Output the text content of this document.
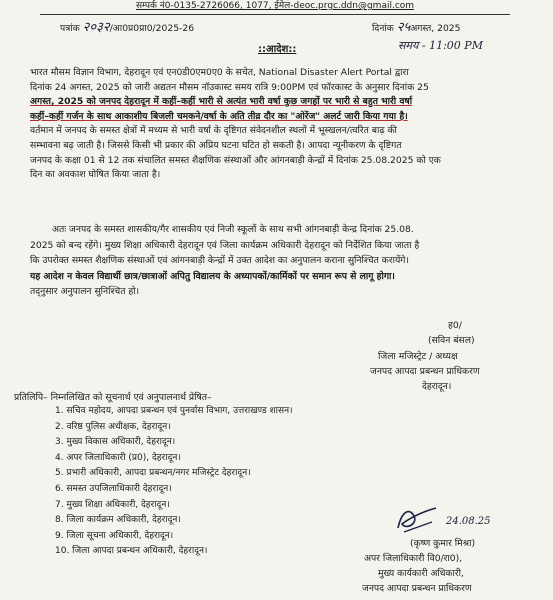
सम्पर्क नं0-0135-2726066, 1077, ईमेल-deoc.prgc.ddn@gmail.com
पत्रांक २०३२/आ0प्र0प्रा0/2025-26	दिनांक २५अगस्त, 2025
समय - 11:00 PM
::आदेश::
भारत मौसम विज्ञान विभाग, देहरादून एवं एन0डी0एम0ए0 के सचेत, National Disaster Alert Portal द्वारा
दिनांक 24 अगस्त, 2025 को जारी अद्यतन मौसम नॉउकास्ट समय रात्रि 9:00PM एवं फॉरकास्ट के अनुसार दिनांक 25
अगस्त, 2025 को जनपद देहरादून में कहीं–कहीं भारी से अत्यंत भारी वर्षा कुछ जगहों पर भारी से बहुत भारी वर्षा
कहीं–कहीं गर्जन के साथ आकाशीय बिजली चमकने/वर्षा के अति तीव्र दौर का "ओरेंज" अलर्ट जारी किया गया है।
वर्तमान में जनपद के समस्त क्षेत्रों में मध्यम से भारी वर्षा के दृष्टिगत संवेदनशील स्थलों में भूस्खलन/त्वरित बाढ़ की
सम्भावना बढ़ जाती है। जिससे किसी भी प्रकार की अप्रिय घटना घटित हो सकती है। आपदा न्यूनीकरण के दृष्टिगत
जनपद के कक्षा 01 से 12 तक संचालित समस्त शैक्षणिक संस्थाओं और आंगनबाड़ी केन्द्रों में दिनांक 25.08.2025 को एक
दिन का अवकाश घोषित किया जाता है।
अतः जनपद के समस्त शासकीय/गैर शासकीय एवं निजी स्कूलों के साथ सभी आंगनबाड़ी केन्द्र दिनांक 25.08.
2025 को बन्द रहेंगे। मुख्य शिक्षा अधिकारी देहरादून एवं जिला कार्यक्रम अधिकारी देहरादून को निर्देशित किया जाता है
कि उपरोक्त समस्त शैक्षणिक संस्थाओं एवं आंगनबाड़ी केन्द्रों में उक्त आदेश का अनुपालन कराना सुनिश्चित करायेंगे।
यह आदेश न केवल विद्यार्थी छात्र/छात्राओं अपितु विद्यालय के अध्यापकों/कार्मिकों पर समान रूप से लागू होगा।
तद्नुसार अनुपालन सुनिश्चित हो।
ह0/
(सविन बंसल)
जिला मजिस्ट्रेट / अध्यक्ष
जनपद आपदा प्रबन्धन प्राधिकरण
देहरादून।
प्रतिलिपि– निम्नलिखित को सूचनार्थ एवं अनुपालनार्थ प्रेषित–
1. सचिव महोदय, आपदा प्रबन्धन एवं पुनर्वास विभाग, उत्तराखण्ड शासन।
2. वरिष्ठ पुलिस अधीक्षक, देहरादून।
3. मुख्य विकास अधिकारी, देहरादून।
4. अपर जिलाधिकारी (प्र0), देहरादून।
5. प्रभारी अधिकारी, आपदा प्रबन्धन/नगर मजिस्ट्रेट देहरादून।
6. समस्त उपजिलाधिकारी देहरादून।
7. मुख्य शिक्षा अधिकारी, देहरादून।
8. जिला कार्यक्रम अधिकारी, देहरादून।
9. जिला सूचना अधिकारी, देहरादून।
10. जिला आपदा प्रबन्धन अधिकारी, देहरादून।
24.08.25
(कृष्ण कुमार मिश्रा)
अपर जिलाधिकारी वि0/रा0),
मुख्य कार्यकारी अधिकारी,
जनपद आपदा प्रबन्धन प्राधिकरण
